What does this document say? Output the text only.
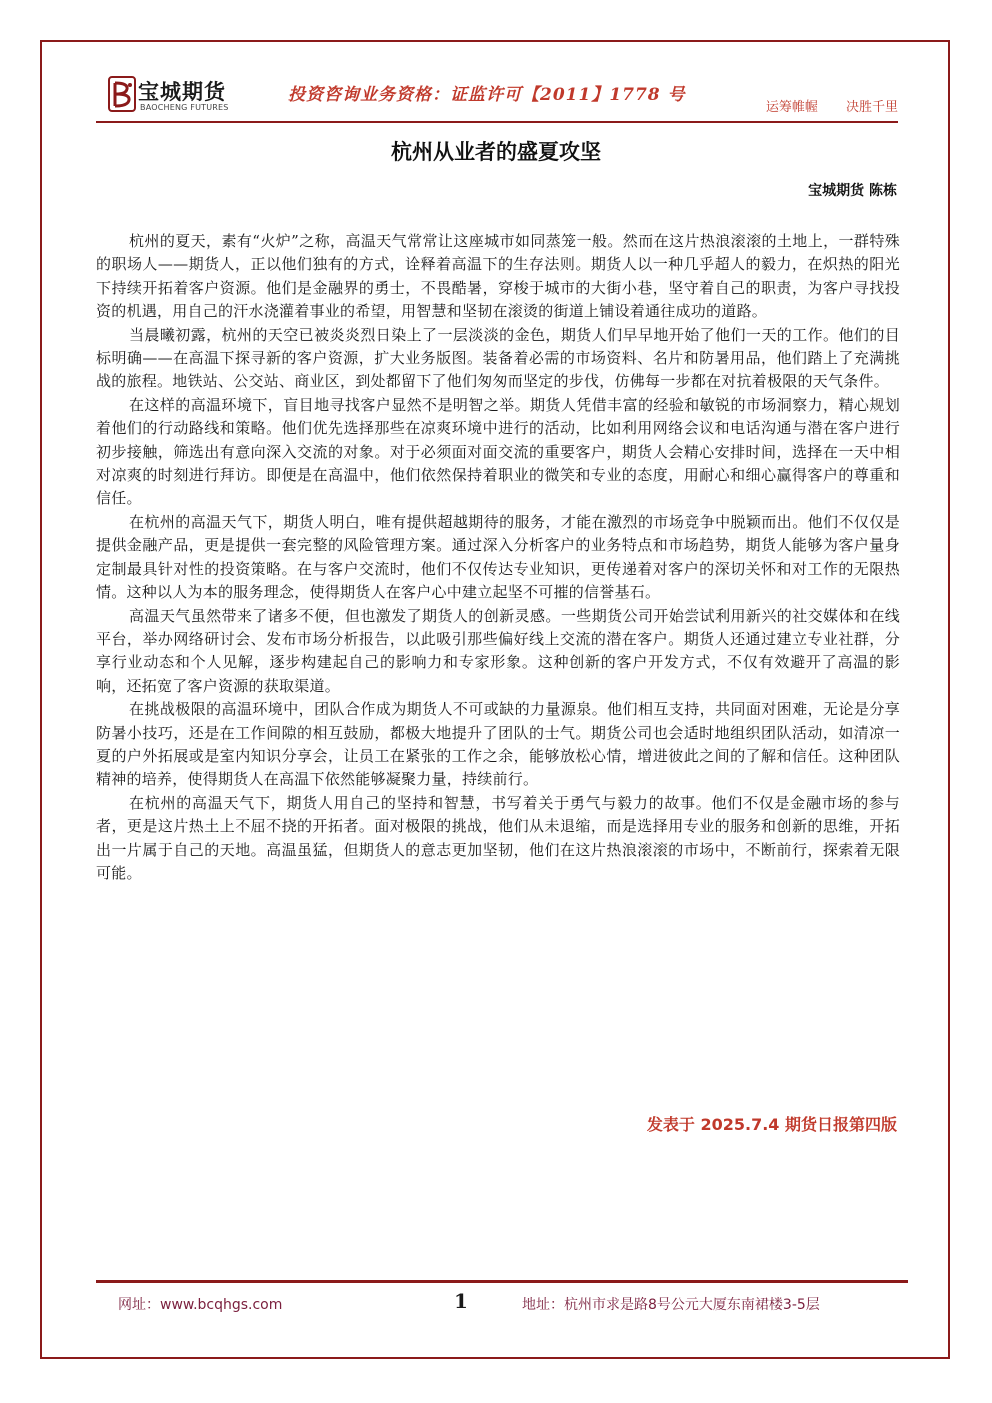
宝城期货
BAOCHENG FUTURES
投资咨询业务资格：证监许可【2011】1778 号
运筹帷幄 决胜千里
杭州从业者的盛夏攻坚
宝城期货 陈栋

杭州的夏天，素有“火炉”之称，高温天气常常让这座城市如同蒸笼一般。然而在这片热浪滚滚的土地上，一群特殊的职场人——期货人，正以他们独有的方式，诠释着高温下的生存法则。期货人以一种几乎超人的毅力，在炽热的阳光下持续开拓着客户资源。他们是金融界的勇士，不畏酷暑，穿梭于城市的大街小巷，坚守着自己的职责，为客户寻找投资的机遇，用自己的汗水浇灌着事业的希望，用智慧和坚韧在滚烫的街道上铺设着通往成功的道路。

当晨曦初露，杭州的天空已被炎炎烈日染上了一层淡淡的金色，期货人们早早地开始了他们一天的工作。他们的目标明确——在高温下探寻新的客户资源，扩大业务版图。装备着必需的市场资料、名片和防暑用品，他们踏上了充满挑战的旅程。地铁站、公交站、商业区，到处都留下了他们匆匆而坚定的步伐，仿佛每一步都在对抗着极限的天气条件。

在这样的高温环境下，盲目地寻找客户显然不是明智之举。期货人凭借丰富的经验和敏锐的市场洞察力，精心规划着他们的行动路线和策略。他们优先选择那些在凉爽环境中进行的活动，比如利用网络会议和电话沟通与潜在客户进行初步接触，筛选出有意向深入交流的对象。对于必须面对面交流的重要客户，期货人会精心安排时间，选择在一天中相对凉爽的时刻进行拜访。即便是在高温中，他们依然保持着职业的微笑和专业的态度，用耐心和细心赢得客户的尊重和信任。

在杭州的高温天气下，期货人明白，唯有提供超越期待的服务，才能在激烈的市场竞争中脱颖而出。他们不仅仅是提供金融产品，更是提供一套完整的风险管理方案。通过深入分析客户的业务特点和市场趋势，期货人能够为客户量身定制最具针对性的投资策略。在与客户交流时，他们不仅传达专业知识，更传递着对客户的深切关怀和对工作的无限热情。这种以人为本的服务理念，使得期货人在客户心中建立起坚不可摧的信誉基石。

高温天气虽然带来了诸多不便，但也激发了期货人的创新灵感。一些期货公司开始尝试利用新兴的社交媒体和在线平台，举办网络研讨会、发布市场分析报告，以此吸引那些偏好线上交流的潜在客户。期货人还通过建立专业社群，分享行业动态和个人见解，逐步构建起自己的影响力和专家形象。这种创新的客户开发方式，不仅有效避开了高温的影响，还拓宽了客户资源的获取渠道。

在挑战极限的高温环境中，团队合作成为期货人不可或缺的力量源泉。他们相互支持，共同面对困难，无论是分享防暑小技巧，还是在工作间隙的相互鼓励，都极大地提升了团队的士气。期货公司也会适时地组织团队活动，如清凉一夏的户外拓展或是室内知识分享会，让员工在紧张的工作之余，能够放松心情，增进彼此之间的了解和信任。这种团队精神的培养，使得期货人在高温下依然能够凝聚力量，持续前行。

在杭州的高温天气下，期货人用自己的坚持和智慧，书写着关于勇气与毅力的故事。他们不仅是金融市场的参与者，更是这片热土上不屈不挠的开拓者。面对极限的挑战，他们从未退缩，而是选择用专业的服务和创新的思维，开拓出一片属于自己的天地。高温虽猛，但期货人的意志更加坚韧，他们在这片热浪滚滚的市场中，不断前行，探索着无限可能。

发表于 2025.7.4 期货日报第四版
网址：www.bcqhgs.com	1	地址：杭州市求是路8号公元大厦东南裙楼3-5层
